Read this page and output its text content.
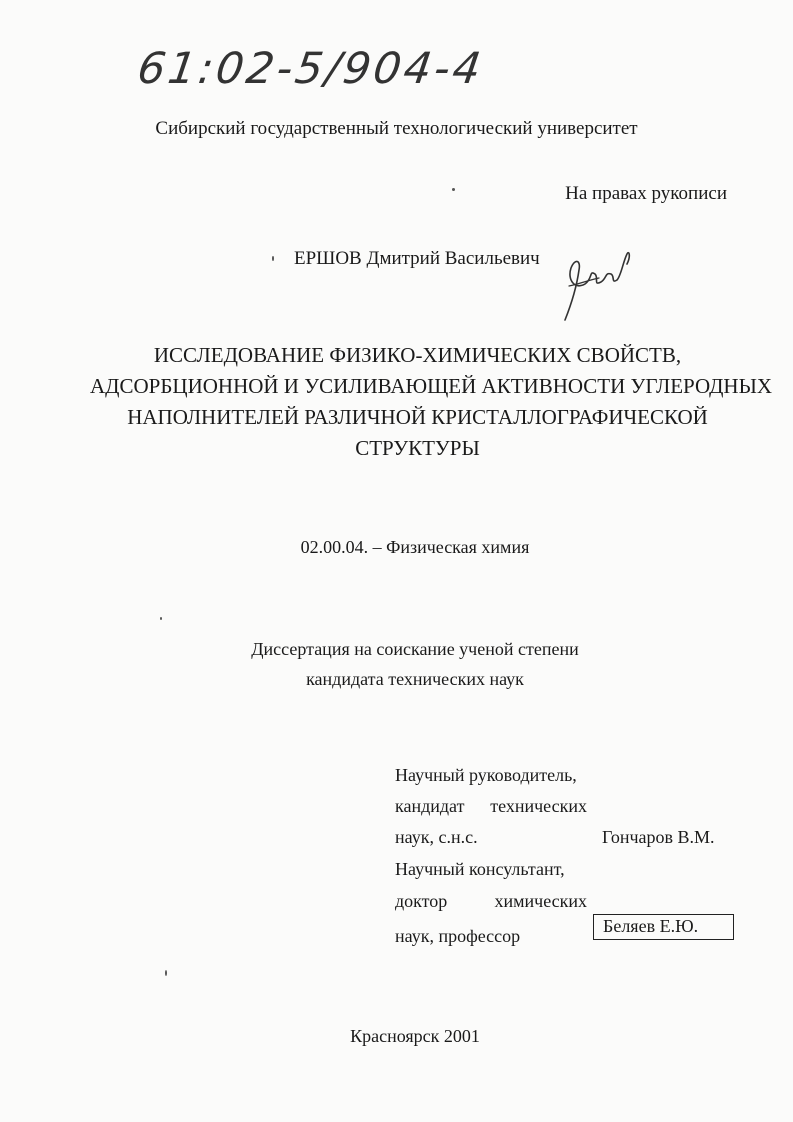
61:02-5/904-4
Сибирский государственный технологический университет
На правах рукописи
ЕРШОВ Дмитрий Васильевич
ИССЛЕДОВАНИЕ ФИЗИКО-ХИМИЧЕСКИХ СВОЙСТВ,
АДСОРБЦИОННОЙ И УСИЛИВАЮЩЕЙ АКТИВНОСТИ УГЛЕРОДНЫХ
НАПОЛНИТЕЛЕЙ РАЗЛИЧНОЙ КРИСТАЛЛОГРАФИЧЕСКОЙ
СТРУКТУРЫ
02.00.04. – Физическая химия
Диссертация на соискание ученой степени
кандидата технических наук
Научный руководитель,
кандидат технических
наук, с.н.с.	Гончаров В.М.
Научный консультант,
доктор химических
наук, профессор	Беляев Е.Ю.
Красноярск 2001
